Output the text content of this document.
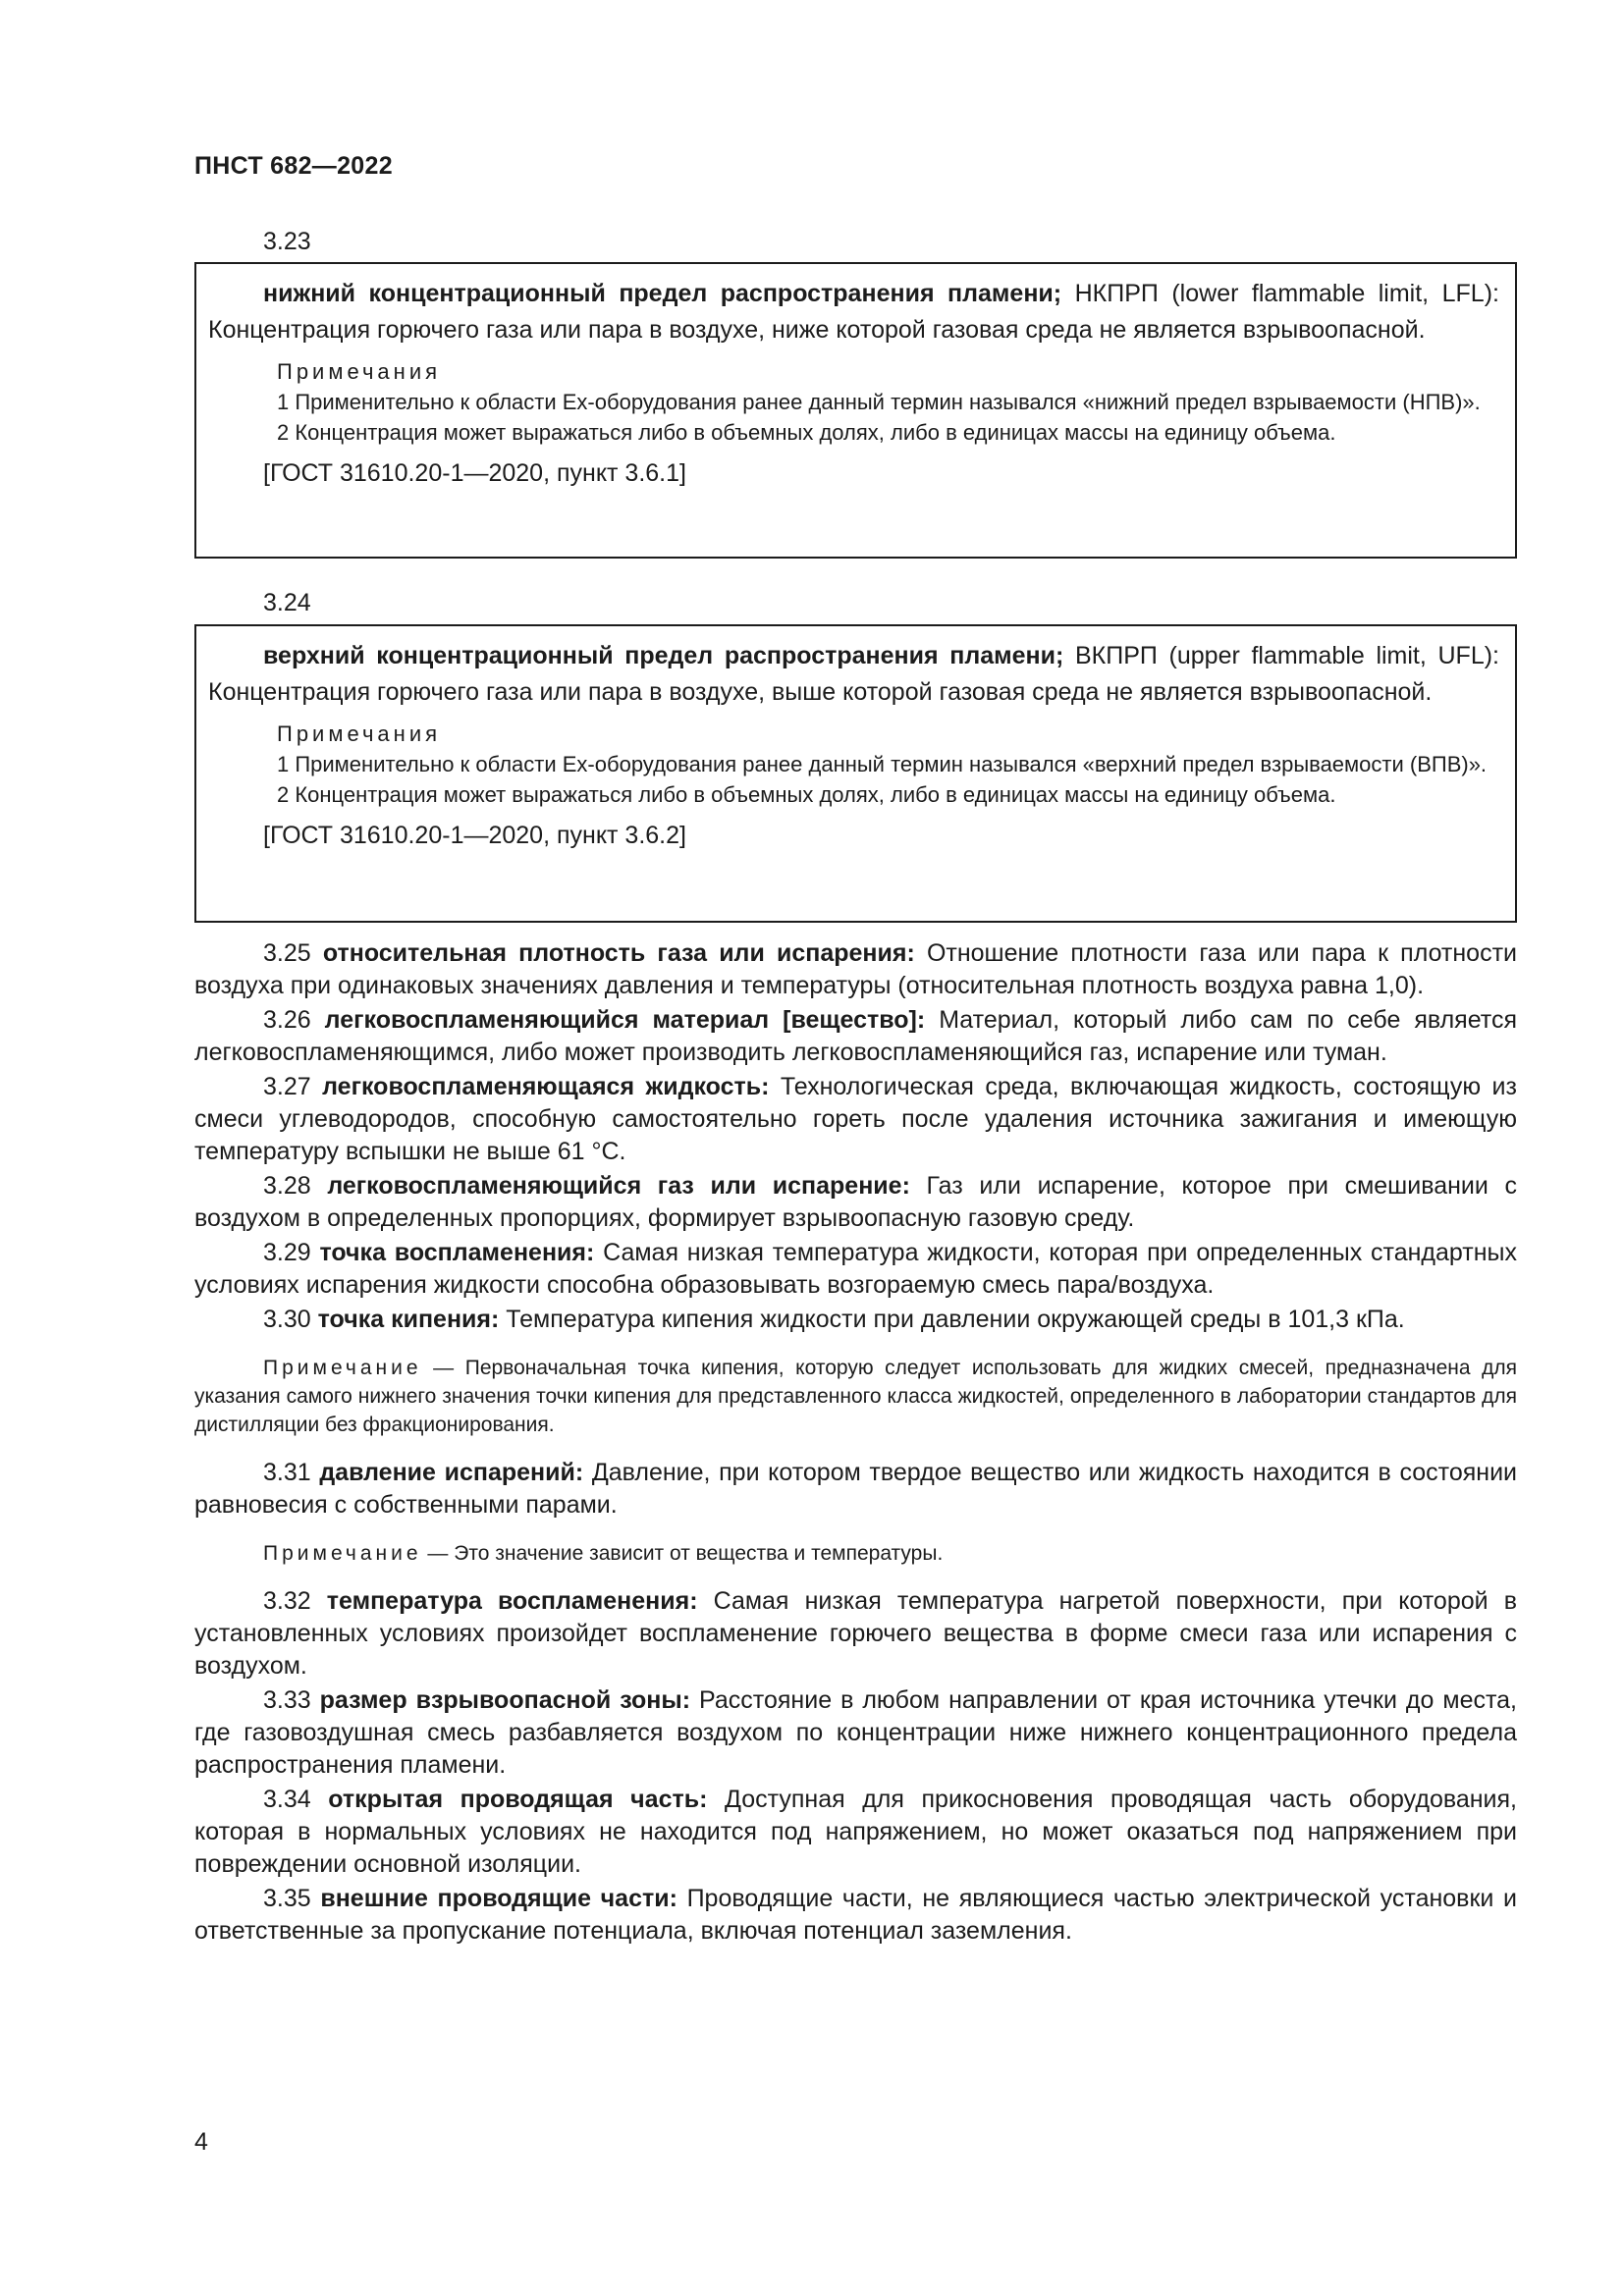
ПНСТ 682—2022
3.23
нижний концентрационный предел распространения пламени; НКПРП (lower flammable limit, LFL): Концентрация горючего газа или пара в воздухе, ниже которой газовая среда не является взрывоопасной.
Примечания
1 Применительно к области Ex-оборудования ранее данный термин назывался «нижний предел взрываемости (НПВ)».
2 Концентрация может выражаться либо в объемных долях, либо в единицах массы на единицу объема.
[ГОСТ 31610.20-1—2020, пункт 3.6.1]
3.24
верхний концентрационный предел распространения пламени; ВКПРП (upper flammable limit, UFL): Концентрация горючего газа или пара в воздухе, выше которой газовая среда не является взрывоопасной.
Примечания
1 Применительно к области Ex-оборудования ранее данный термин назывался «верхний предел взрываемости (ВПВ)».
2 Концентрация может выражаться либо в объемных долях, либо в единицах массы на единицу объема.
[ГОСТ 31610.20-1—2020, пункт 3.6.2]

3.25 относительная плотность газа или испарения: Отношение плотности газа или пара к плотности воздуха при одинаковых значениях давления и температуры (относительная плотность воздуха равна 1,0).

3.26 легковоспламеняющийся материал [вещество]: Материал, который либо сам по себе является легковоспламеняющимся, либо может производить легковоспламеняющийся газ, испарение или туман.

3.27 легковоспламеняющаяся жидкость: Технологическая среда, включающая жидкость, состоящую из смеси углеводородов, способную самостоятельно гореть после удаления источника зажигания и имеющую температуру вспышки не выше 61 °С.

3.28 легковоспламеняющийся газ или испарение: Газ или испарение, которое при смешивании с воздухом в определенных пропорциях, формирует взрывоопасную газовую среду.

3.29 точка воспламенения: Самая низкая температура жидкости, которая при определенных стандартных условиях испарения жидкости способна образовывать возгораемую смесь пара/воздуха.

3.30 точка кипения: Температура кипения жидкости при давлении окружающей среды в 101,3 кПа.

Примечание — Первоначальная точка кипения, которую следует использовать для жидких смесей, предназначена для указания самого нижнего значения точки кипения для представленного класса жидкостей, определенного в лаборатории стандартов для дистилляции без фракционирования.

3.31 давление испарений: Давление, при котором твердое вещество или жидкость находится в состоянии равновесия с собственными парами.

Примечание — Это значение зависит от вещества и температуры.

3.32 температура воспламенения: Самая низкая температура нагретой поверхности, при которой в установленных условиях произойдет воспламенение горючего вещества в форме смеси газа или испарения с воздухом.

3.33 размер взрывоопасной зоны: Расстояние в любом направлении от края источника утечки до места, где газовоздушная смесь разбавляется воздухом по концентрации ниже нижнего концентрационного предела распространения пламени.

3.34 открытая проводящая часть: Доступная для прикосновения проводящая часть оборудования, которая в нормальных условиях не находится под напряжением, но может оказаться под напряжением при повреждении основной изоляции.

3.35 внешние проводящие части: Проводящие части, не являющиеся частью электрической установки и ответственные за пропускание потенциала, включая потенциал заземления.

4
